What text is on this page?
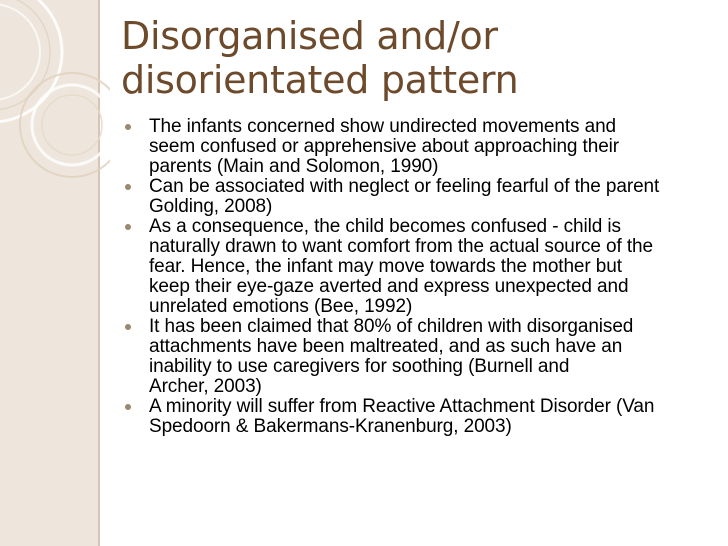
Disorganised and/or
disorientated pattern
The infants concerned show undirected movements and
seem confused or apprehensive about approaching their
parents (Main and Solomon, 1990)
Can be associated with neglect or feeling fearful of the parent
Golding, 2008)
As a consequence, the child becomes confused - child is
naturally drawn to want comfort from the actual source of the
fear. Hence, the infant may move towards the mother but
keep their eye-gaze averted and express unexpected and
unrelated emotions (Bee, 1992)
It has been claimed that 80% of children with disorganised
attachments have been maltreated, and as such have an
inability to use caregivers for soothing (Burnell and
Archer, 2003)
A minority will suffer from Reactive Attachment Disorder (Van
Spedoorn & Bakermans-Kranenburg, 2003)
